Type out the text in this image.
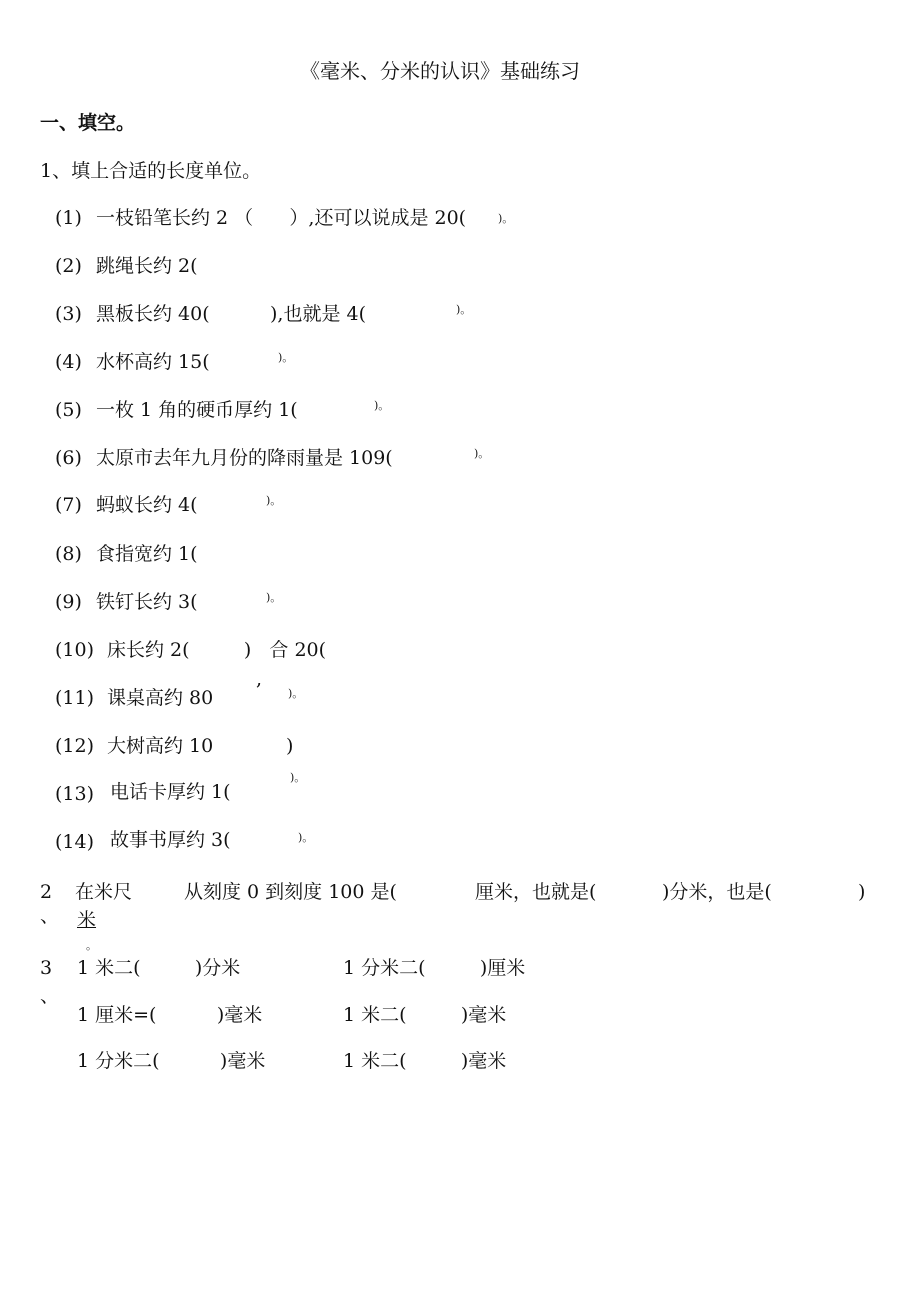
《毫米、分米的认识》基础练习
一、填空。
1、填上合适的长度单位。
(1) 一枝铅笔长约 2 （      ）,还可以说成是 20(	)。
(2) 跳绳长约 2(
(3) 黑板长约 40(          ),也就是 4(	)。
(4) 水杯高约 15(	)。
(5) 一枚 1 角的硬币厚约 1(	)。
(6) 太原市去年九月份的降雨量是 109(	)。
(7) 蚂蚁长约 4(	)。
(8) 食指宽约 1(
(9) 铁钉长约 3(	)。
(10) 床长约 2(         )   合 20(
,
(11) 课桌高约 80	)。
(12) 大树高约 10	)
(13) 电话卡厚约 1(
)。
(14) 故事书厚约 3(	)。
2
、
在米尺	从刻度 0 到刻度 100 是(	厘米，也就是(	)分米，也是(	)
米
。
3
、
1 米二(         )分米	1 分米二(         )厘米
1 厘米=(          )毫米	1 米二(         )毫米
1 分米二(          )毫米	1 米二(         )毫米
